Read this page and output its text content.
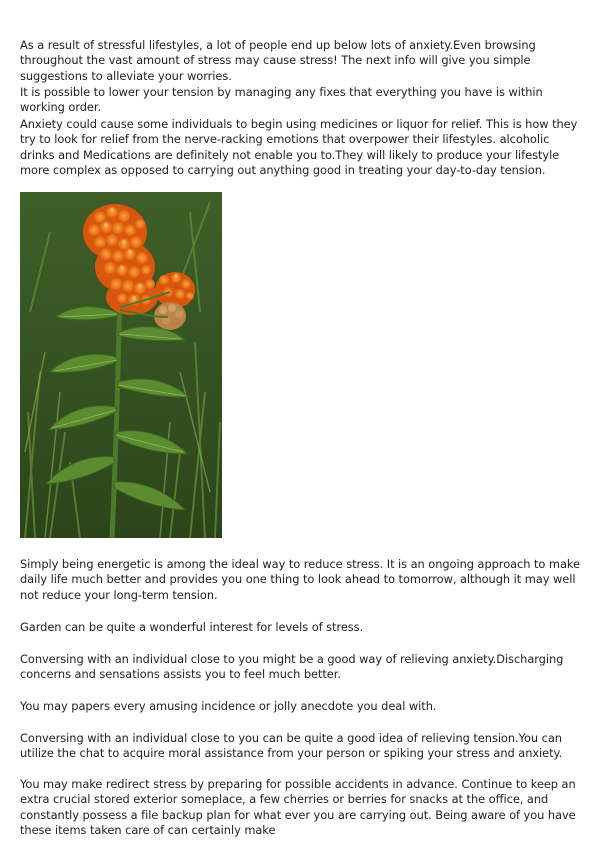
As a result of stressful lifestyles, a lot of people end up below lots of anxiety.Even browsing throughout the vast amount of stress may cause stress! The next info will give you simple suggestions to alleviate your worries.

It is possible to lower your tension by managing any fixes that everything you have is within working order.

Anxiety could cause some individuals to begin using medicines or liquor for relief. This is how they try to look for relief from the nerve-racking emotions that overpower their lifestyles. alcoholic drinks and Medications are definitely not enable you to.They will likely to produce your lifestyle more complex as opposed to carrying out anything good in treating your day-to-day tension.

Simply being energetic is among the ideal way to reduce stress. It is an ongoing approach to make daily life much better and provides you one thing to look ahead to tomorrow, although it may well not reduce your long-term tension.

Garden can be quite a wonderful interest for levels of stress.

Conversing with an individual close to you might be a good way of relieving anxiety.Discharging concerns and sensations assists you to feel much better.

You may papers every amusing incidence or jolly anecdote you deal with.

Conversing with an individual close to you can be quite a good idea of relieving tension.You can utilize the chat to acquire moral assistance from your person or spiking your stress and anxiety.

You may make redirect stress by preparing for possible accidents in advance. Continue to keep an extra crucial stored exterior someplace, a few cherries or berries for snacks at the office, and constantly possess a file backup plan for what ever you are carrying out. Being aware of you have these items taken care of can certainly make
